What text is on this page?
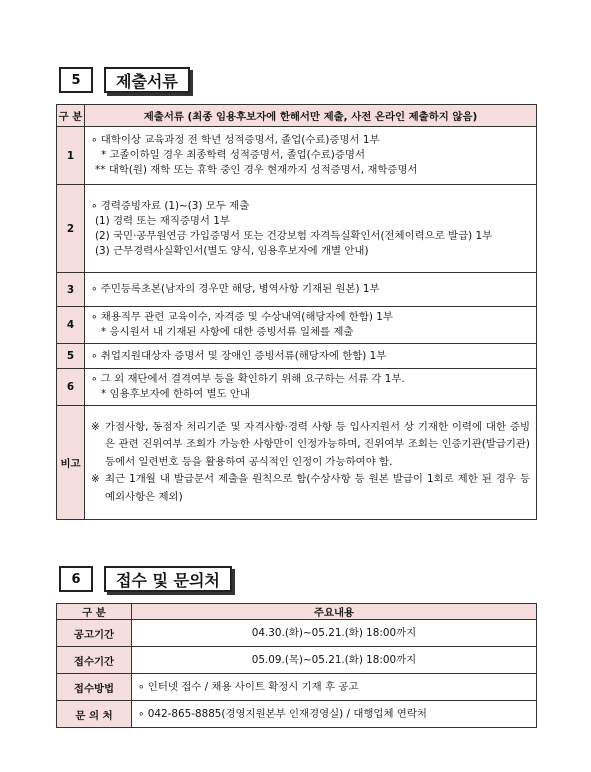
5	제출서류
구 분	제출서류 (최종 임용후보자에 한해서만 제출, 사전 온라인 제출하지 않음)
1	∘ 대학이상 교육과정 전 학년 성적증명서, 졸업(수료)증명서 1부
* 고졸이하일 경우 최종학력 성적증명서, 졸업(수료)증명서
** 대학(원) 재학 또는 휴학 중인 경우 현재까지 성적증명서, 재학증명서

2	∘ 경력증빙자료 (1)~(3) 모두 제출
(1) 경력 또는 재직증명서 1부
(2) 국민·공무원연금 가입증명서 또는 건강보험 자격득실확인서(전체이력으로 발급) 1부
(3) 근무경력사실확인서(별도 양식, 임용후보자에 개별 안내)

3	∘ 주민등록초본(남자의 경우만 해당, 병역사항 기재된 원본) 1부

4	∘ 채용직무 관련 교육이수, 자격증 및 수상내역(해당자에 한함) 1부
* 응시원서 내 기재된 사항에 대한 증빙서류 일체를 제출

5	∘ 취업지원대상자 증명서 및 장애인 증빙서류(해당자에 한함) 1부

6	∘ 그 외 재단에서 결격여부 등을 확인하기 위해 요구하는 서류 각 1부.
* 임용후보자에 한하여 별도 안내

비고	※ 가점사항, 동점자 처리기준 및 자격사항·경력 사항 등 입사지원서 상 기재한 이력에 대한 증빙은 관련 진위여부 조회가 가능한 사항만이 인정가능하며, 진위여부 조회는 인증기관(발급기관) 등에서 일련번호 등을 활용하여 공식적인 인정이 가능하여야 함.
※ 최근 1개월 내 발급문서 제출을 원칙으로 함(수상사항 등 원본 발급이 1회로 제한 된 경우 등 예외사항은 제외)
6	접수 및 문의처
구 분	주요내용
공고기간	04.30.(화)~05.21.(화) 18:00까지
접수기간	05.09.(목)~05.21.(화) 18:00까지
접수방법	∘ 인터넷 접수 / 채용 사이트 확정시 기재 후 공고
문 의 처	∘ 042-865-8885(경영지원본부 인재경영실) / 대행업체 연락처
